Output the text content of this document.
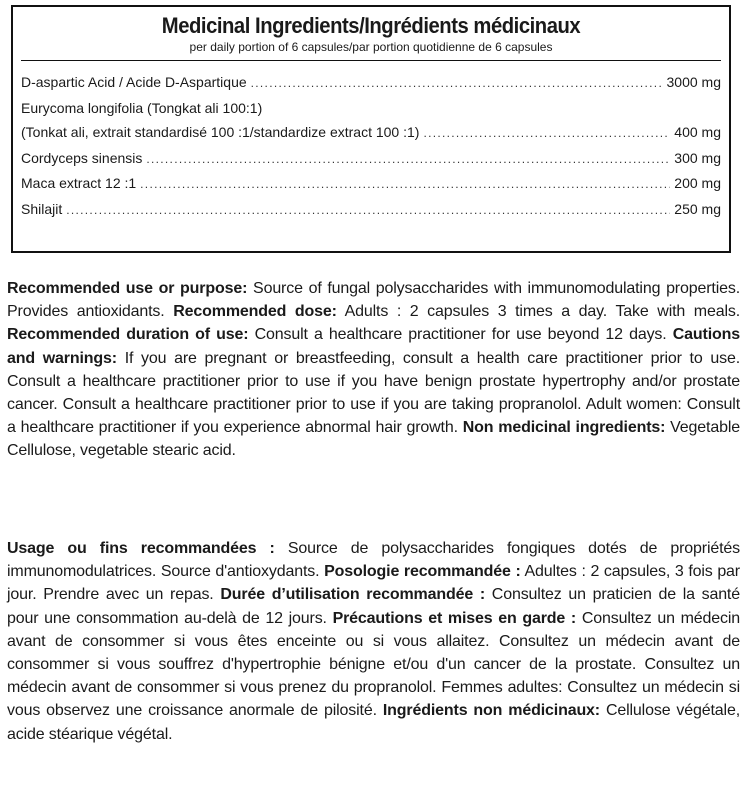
Medicinal Ingredients/Ingrédients médicinaux
per daily portion of 6 capsules/par portion quotidienne de 6 capsules
D-aspartic Acid / Acide D-Aspartique .....	3000 mg
Eurycoma longifolia (Tongkat ali 100:1)
(Tonkat ali, extrait standardisé 100 :1/standardize extract 100 :1) .....	400 mg
Cordyceps sinensis .....	300 mg
Maca extract 12 :1 .....	200 mg
Shilajit .....	250 mg
Recommended use or purpose: Source of fungal polysaccharides with immunomodulating properties. Provides antioxidants. Recommended dose: Adults : 2 capsules 3 times a day. Take with meals. Recommended duration of use: Consult a healthcare practitioner for use beyond 12 days. Cautions and warnings: If you are pregnant or breastfeeding, consult a health care practitioner prior to use. Consult a healthcare practitioner prior to use if you have benign prostate hypertrophy and/or prostate cancer. Consult a healthcare practitioner prior to use if you are taking propranolol. Adult women: Consult a healthcare practitioner if you experience abnormal hair growth. Non medicinal ingredients: Vegetable Cellulose, vegetable stearic acid.
Usage ou fins recommandées : Source de polysaccharides fongiques dotés de propriétés immunomodulatrices. Source d'antioxydants. Posologie recommandée : Adultes : 2 capsules, 3 fois par jour. Prendre avec un repas. Durée d’utilisation recommandée : Consultez un praticien de la santé pour une consommation au-delà de 12 jours. Précautions et mises en garde : Consultez un médecin avant de consommer si vous êtes enceinte ou si vous allaitez. Consultez un médecin avant de consommer si vous souffrez d'hypertrophie bénigne et/ou d'un cancer de la prostate. Consultez un médecin avant de consommer si vous prenez du propranolol. Femmes adultes: Consultez un médecin si vous observez une croissance anormale de pilosité. Ingrédients non médicinaux: Cellulose végétale, acide stéarique végétal.
